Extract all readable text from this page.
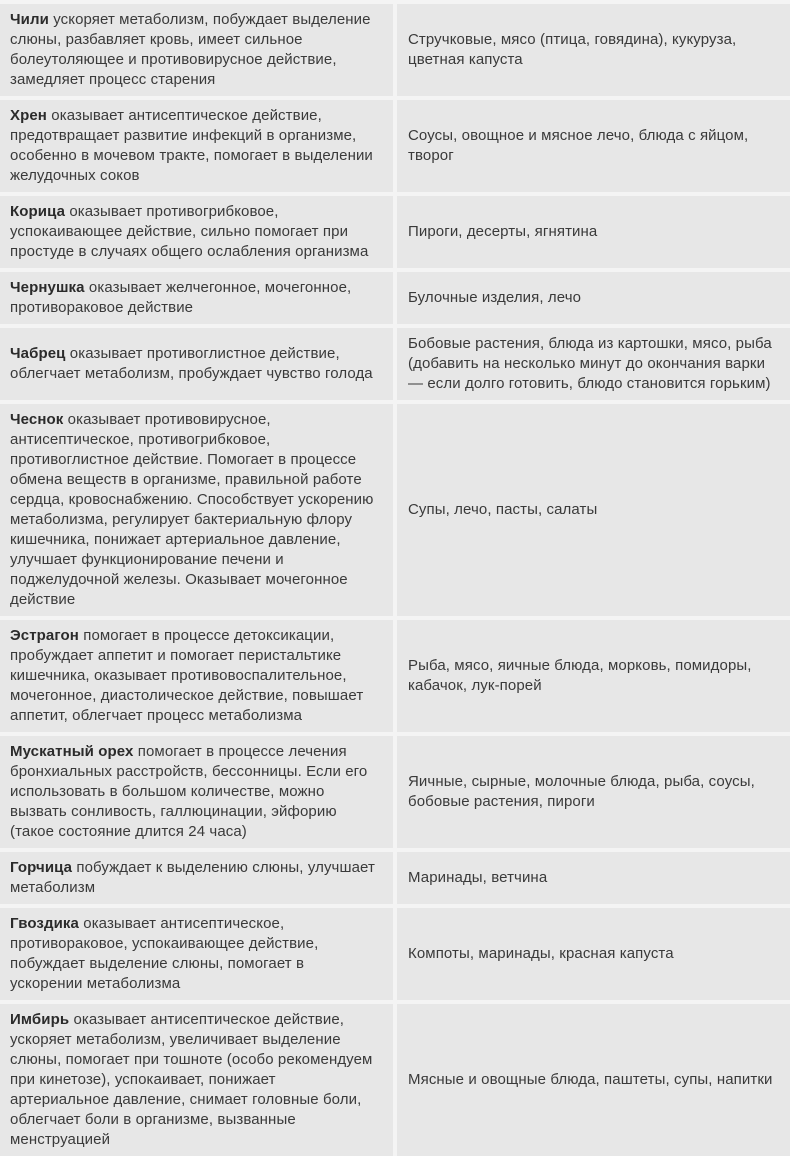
Чили ускоряет метаболизм, побуждает выделение слюны, разбавляет кровь, имеет сильное болеутоляющее и противовирусное действие, замедляет процесс старения

Стручковые, мясо (птица, говядина), кукуруза, цветная капуста

Хрен оказывает антисептическое действие, предотвращает развитие инфекций в организме, особенно в мочевом тракте, помогает в выделении желудочных соков

Соусы, овощное и мясное лечо, блюда с яйцом, творог

Корица оказывает противогрибковое, успокаивающее действие, сильно помогает при простуде в случаях общего ослабления организма

Пироги, десерты, ягнятина

Чернушка оказывает желчегонное, мочегонное, противораковое действие

Булочные изделия, лечо

Чабрец оказывает противоглистное действие, облегчает метаболизм, пробуждает чувство голода

Бобовые растения, блюда из картошки, мясо, рыба (добавить на несколько минут до окончания варки — если долго готовить, блюдо становится горьким)

Чеснок оказывает противовирусное, антисептическое, противогрибковое, противоглистное действие. Помогает в процессе обмена веществ в организме, правильной работе сердца, кровоснабжению. Способствует ускорению метаболизма, регулирует бактериальную флору кишечника, понижает артериальное давление, улучшает функционирование печени и поджелудочной железы. Оказывает мочегонное действие

Супы, лечо, пасты, салаты

Эстрагон помогает в процессе детоксикации, пробуждает аппетит и помогает перистальтике кишечника, оказывает противовоспалительное, мочегонное, диастолическое действие, повышает аппетит, облегчает процесс метаболизма

Рыба, мясо, яичные блюда, морковь, помидоры, кабачок, лук-порей

Мускатный орех помогает в процессе лечения бронхиальных расстройств, бессонницы. Если его использовать в большом количестве, можно вызвать сонливость, галлюцинации, эйфорию (такое состояние длится 24 часа)

Яичные, сырные, молочные блюда, рыба, соусы, бобовые растения, пироги

Горчица побуждает к выделению слюны, улучшает метаболизм

Маринады, ветчина

Гвоздика оказывает антисептическое, противораковое, успокаивающее действие, побуждает выделение слюны, помогает в ускорении метаболизма

Компоты, маринады, красная капуста

Имбирь оказывает антисептическое действие, ускоряет метаболизм, увеличивает выделение слюны, помогает при тошноте (особо рекомендуем при кинетозе), успокаивает, понижает артериальное давление, снимает головные боли, облегчает боли в организме, вызванные менструацией

Мясные и овощные блюда, паштеты, супы, напитки
